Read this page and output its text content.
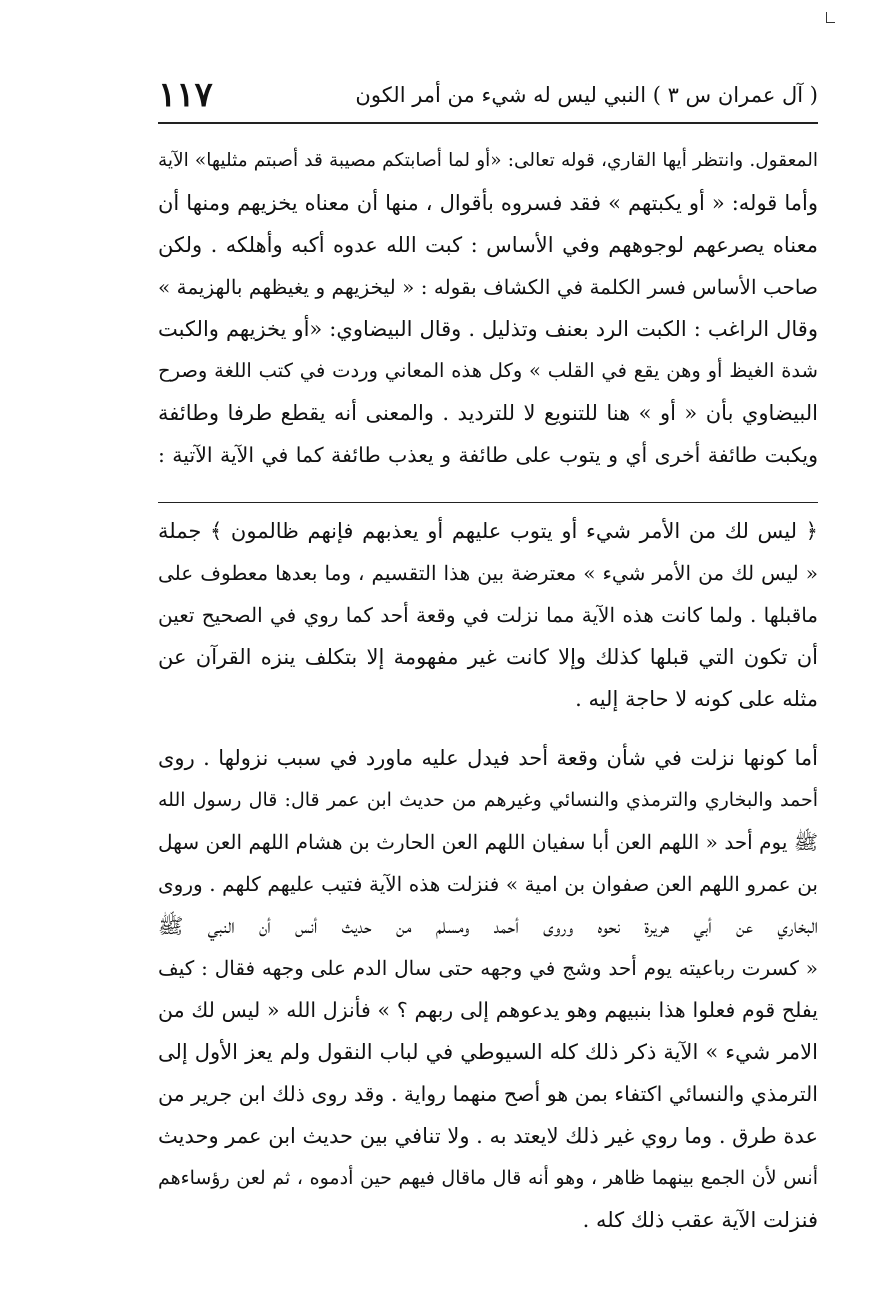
( آل عمران س ٣ ) النبي ليس له شيء من أمر الكون
١١٧
المعقول. وانتظر أيها القاري، قوله تعالى: «أو لما أصابتكم مصيبة قد أصبتم مثليها» الآية
وأما قوله: « أو يكبتهم » فقد فسروه بأقوال ، منها أن معناه يخزيهم ومنها أن
معناه يصرعهم لوجوههم وفي الأساس : كبت الله عدوه أكبه وأهلكه . ولكن
صاحب الأساس فسر الكلمة في الكشاف بقوله : « ليخزيهم و يغيظهم بالهزيمة »
وقال الراغب : الكبت الرد بعنف وتذليل . وقال البيضاوي: «أو يخزيهم والكبت
شدة الغيظ أو وهن يقع في القلب » وكل هذه المعاني وردت في كتب اللغة وصرح
البيضاوي بأن « أو » هنا للتنويع لا للترديد . والمعنى أنه يقطع طرفا وطائفة
ويكبت طائفة أخرى أي و يتوب على طائفة و يعذب طائفة كما في الآية الآتية :
﴿ ليس لك من الأمر شيء أو يتوب عليهم أو يعذبهم فإنهم ظالمون ﴾ جملة
« ليس لك من الأمر شيء » معترضة بين هذا التقسيم ، وما بعدها معطوف على
ماقبلها . ولما كانت هذه الآية مما نزلت في وقعة أحد كما روي في الصحيح تعين
أن تكون التي قبلها كذلك وإلا كانت غير مفهومة إلا بتكلف ينزه القرآن عن
مثله على كونه لا حاجة إليه .
أما كونها نزلت في شأن وقعة أحد فيدل عليه ماورد في سبب نزولها . روى
أحمد والبخاري والترمذي والنسائي وغيرهم من حديث ابن عمر قال: قال رسول الله
ﷺ يوم أحد « اللهم العن أبا سفيان اللهم العن الحارث بن هشام اللهم العن سهل
بن عمرو اللهم العن صفوان بن امية » فنزلت هذه الآية فتيب عليهم كلهم . وروى
البخاري عن أبي هريرة نحوه وروى أحمد ومسلم من حديث أنس أن النبي ﷺ
« كسرت رباعيته يوم أحد وشج في وجهه حتى سال الدم على وجهه فقال : كيف
يفلح قوم فعلوا هذا بنبيهم وهو يدعوهم إلى ربهم ؟ » فأنزل الله « ليس لك من
الامر شيء » الآية ذكر ذلك كله السيوطي في لباب النقول ولم يعز الأول إلى
الترمذي والنسائي اكتفاء بمن هو أصح منهما رواية . وقد روى ذلك ابن جرير من
عدة طرق . وما روي غير ذلك لايعتد به . ولا تنافي بين حديث ابن عمر وحديث
أنس لأن الجمع بينهما ظاهر ، وهو أنه قال ماقال فيهم حين أدموه ، ثم لعن رؤساءهم
فنزلت الآية عقب ذلك كله .
